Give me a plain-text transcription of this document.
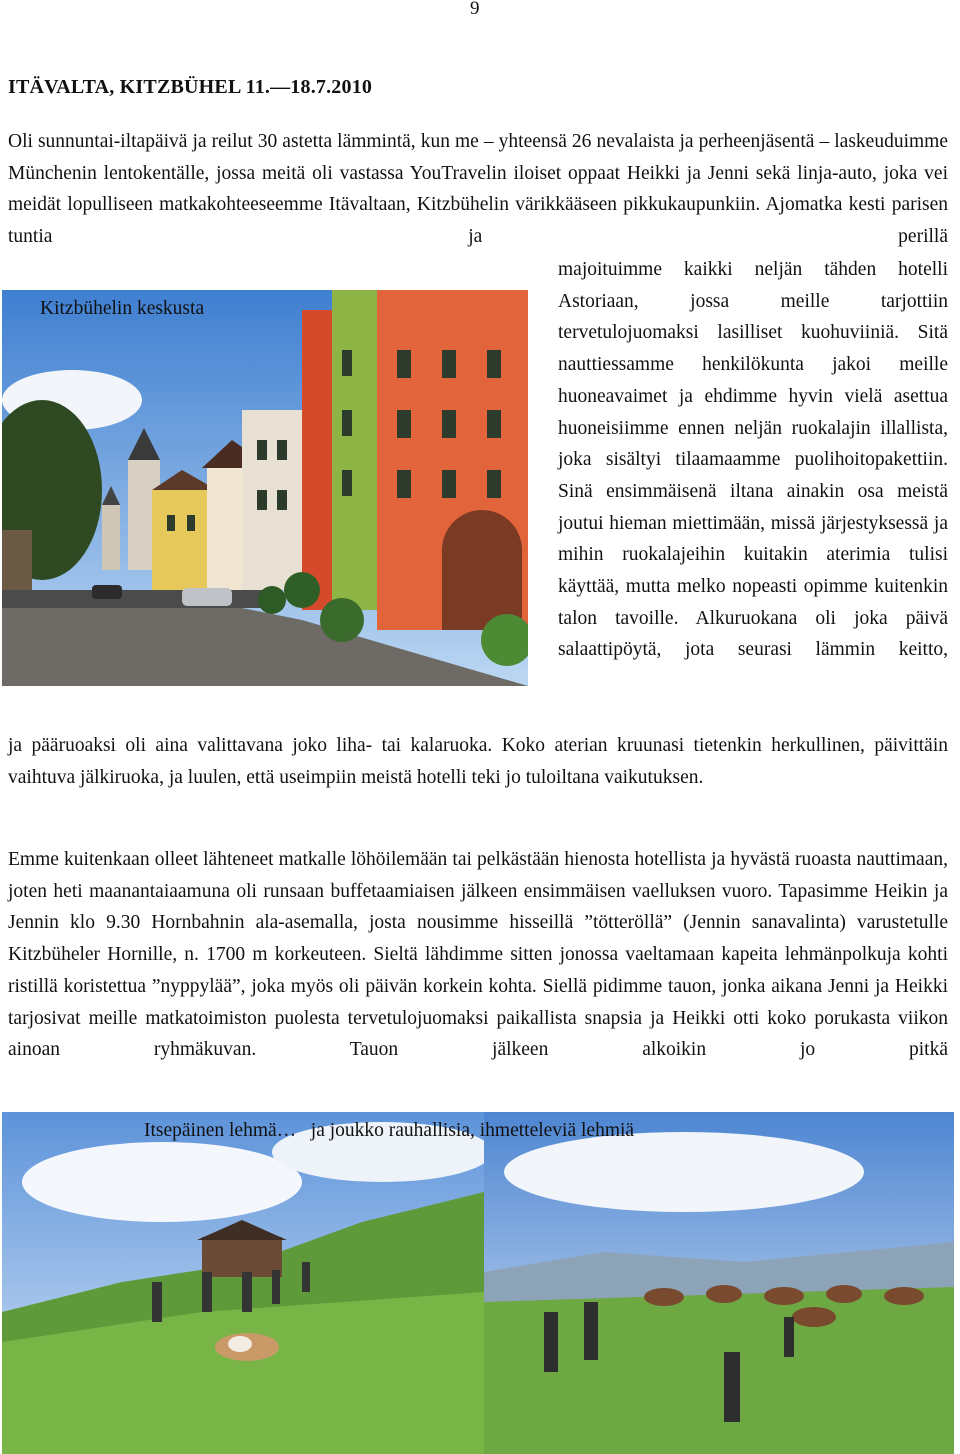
9
ITÄVALTA, KITZBÜHEL 11.—18.7.2010
Oli sunnuntai-iltapäivä ja reilut 30 astetta lämmintä, kun me – yhteensä 26 nevalaista ja perheenjäsentä – laskeuduimme Münchenin lentokentälle, jossa meitä oli vastassa YouTravelin iloiset oppaat Heikki ja Jenni sekä linja-auto, joka vei meidät lopulliseen matkakohteeseemme Itävaltaan, Kitzbühelin värikkääseen pikkukaupunkiin. Ajomatka kesti parisen tuntia ja perillä
Kitzbühelin keskusta
majoituimme kaikki neljän tähden hotelli Astoriaan, jossa meille tarjottiin tervetulojuomaksi lasilliset kuohuviiniä. Sitä nauttiessamme henkilökunta jakoi meille huoneavaimet ja ehdimme hyvin vielä asettua huoneisiimme ennen neljän ruokalajin illallista, joka sisältyi tilaamaamme puolihoitopakettiin. Sinä ensimmäisenä iltana ainakin osa meistä joutui hieman miettimään, missä järjestyksessä ja mihin ruokalajeihin kuitakin aterimia tulisi käyttää, mutta melko nopeasti opimme kuitenkin talon tavoille. Alkuruokana oli joka päivä salaattipöytä, jota seurasi lämmin keitto,
ja pääruoaksi oli aina valittavana joko liha- tai kalaruoka. Koko aterian kruunasi tietenkin herkullinen, päivittäin vaihtuva jälkiruoka, ja luulen, että useimpiin meistä hotelli teki jo tuloiltana vaikutuksen.
Emme kuitenkaan olleet lähteneet matkalle löhöilemään tai pelkästään hienosta hotellista ja hyvästä ruoasta nauttimaan, joten heti maanantaiaamuna oli runsaan buffetaamiaisen jälkeen ensimmäisen vaelluksen vuoro. Tapasimme Heikin ja Jennin klo 9.30 Hornbahnin ala-asemalla, josta nousimme hisseillä ”tötteröllä” (Jennin sanavalinta) varustetulle Kitzbüheler Hornille, n. 1700 m korkeuteen. Sieltä lähdimme sitten jonossa vaeltamaan kapeita lehmänpolkuja kohti ristillä koristettua ”nyppylää”, joka myös oli päivän korkein kohta. Siellä pidimme tauon, jonka aikana Jenni ja Heikki tarjosivat meille matkatoimiston puolesta tervetulojuomaksi paikallista snapsia ja Heikki otti koko porukasta viikon ainoan ryhmäkuvan. Tauon jälkeen alkoikin jo pitkä
Itsepäinen lehmä… ja joukko rauhallisia, ihmetteleviä lehmiä
